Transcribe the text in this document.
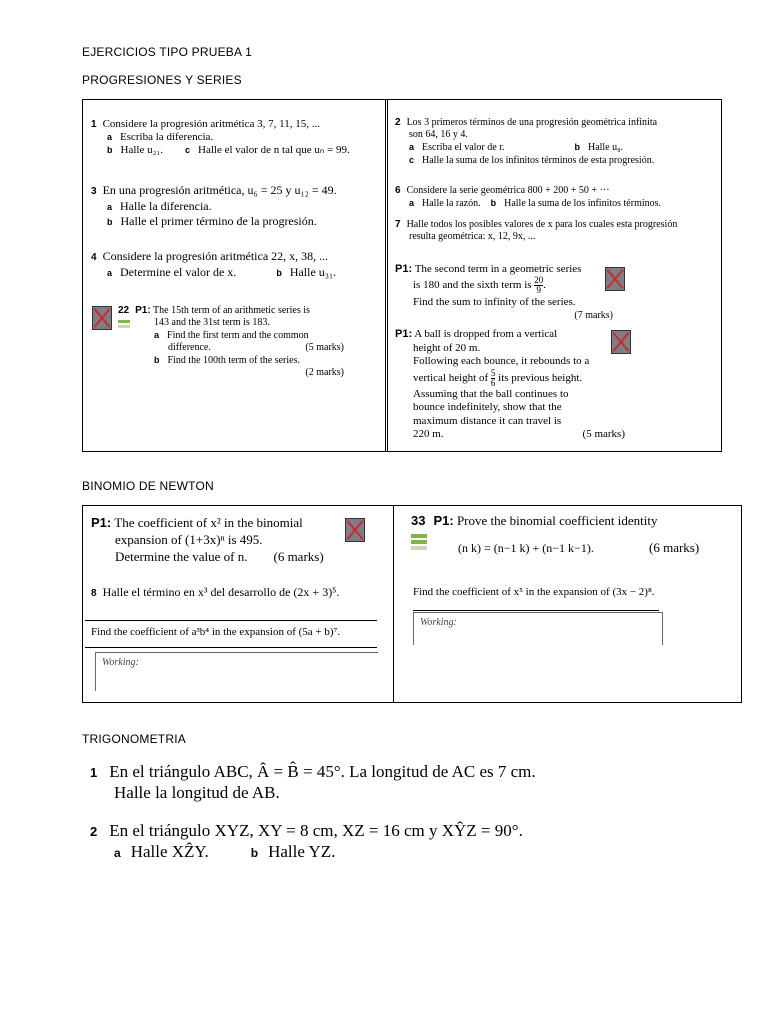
EJERCICIOS TIPO PRUEBA 1
PROGRESIONES Y SERIES
1 Considere la progresión aritmética 3, 7, 11, 15, ...
a Escriba la diferencia.
b Halle u₂₁. c Halle el valor de n tal que uₙ = 99.
3 En una progresión aritmética, u₆ = 25 y u₁₂ = 49.
a Halle la diferencia.
b Halle el primer término de la progresión.
4 Considere la progresión aritmética 22, x, 38, ...
a Determine el valor de x.	b Halle u₃₁.
22 P1: The 15th term of an arithmetic series is
143 and the 31st term is 183.
a Find the first term and the common
difference.	(5 marks)
b Find the 100th term of the series.
(2 marks)
2 Los 3 primeros términos de una progresión geométrica infinita
son 64, 16 y 4.
a Escriba el valor de r.	b Halle u₈.
c Halle la suma de los infinitos términos de esta progresión.
6 Considere la serie geométrica 800 + 200 + 50 + ···
a Halle la razón. b Halle la suma de los infinitos términos.
7 Halle todos los posibles valores de x para los cuales esta progresión
resulta geométrica: x, 12, 9x, ...
P1: The second term in a geometric series
is 180 and the sixth term is $\frac{20}{9}$ .
Find the sum to infinity of the series.
(7 marks)
P1: A ball is dropped from a vertical
height of 20 m.
Following each bounce, it rebounds to a
vertical height of $\frac{5}{6}$ its previous height.
Assuming that the ball continues to
bounce indefinitely, show that the
maximum distance it can travel is
220 m.	(5 marks)
BINOMIO DE NEWTON
P1: The coefficient of x² in the binomial
expansion of (1+3x)ⁿ is 495.
Determine the value of n. (6 marks)
8 Halle el término en x³ del desarrollo de (2x + 3)⁵.
Find the coefficient of a³b⁴ in the expansion of (5a + b)⁷.
Working:
33 P1: Prove the binomial coefficient identity
(n k) = (n−1 k) + (n−1 k−1).	(6 marks)
Find the coefficient of x⁵ in the expansion of (3x − 2)⁸.
Working:
TRIGONOMETRIA
1 En el triángulo ABC, Â = B̂ = 45°. La longitud de AC es 7 cm.
Halle la longitud de AB.
2 En el triángulo XYZ, XY = 8 cm, XZ = 16 cm y XŶZ = 90°.
a Halle XẐY.	b Halle YZ.
